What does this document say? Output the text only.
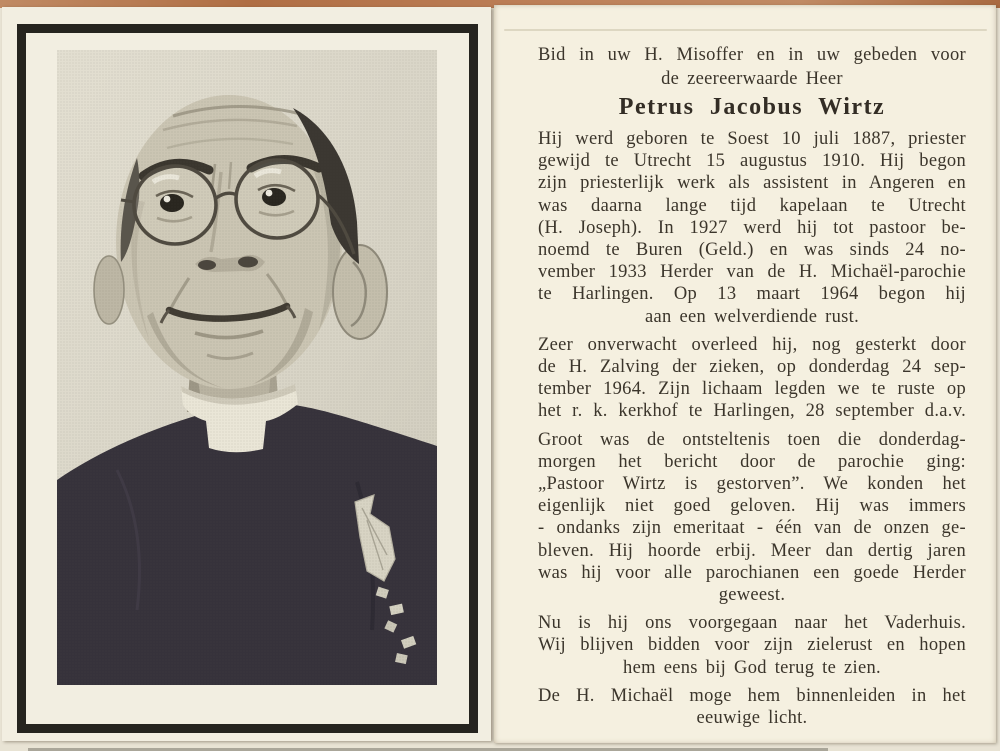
Bid in uw H. Misoffer en in uw gebeden voor
de zeereerwaarde Heer
Petrus Jacobus Wirtz
Hij werd geboren te Soest 10 juli 1887, priester
gewijd te Utrecht 15 augustus 1910. Hij begon
zijn priesterlijk werk als assistent in Angeren en
was daarna lange tijd kapelaan te Utrecht
(H. Joseph). In 1927 werd hij tot pastoor be-
noemd te Buren (Geld.) en was sinds 24 no-
vember 1933 Herder van de H. Michaël-parochie
te Harlingen. Op 13 maart 1964 begon hij
aan een welverdiende rust.
Zeer onverwacht overleed hij, nog gesterkt door
de H. Zalving der zieken, op donderdag 24 sep-
tember 1964. Zijn lichaam legden we te ruste op
het r. k. kerkhof te Harlingen, 28 september d.a.v.
Groot was de ontsteltenis toen die donderdag-
morgen het bericht door de parochie ging:
„Pastoor Wirtz is gestorven”. We konden het
eigenlijk niet goed geloven. Hij was immers
- ondanks zijn emeritaat - één van de onzen ge-
bleven. Hij hoorde erbij. Meer dan dertig jaren
was hij voor alle parochianen een goede Herder
geweest.
Nu is hij ons voorgegaan naar het Vaderhuis.
Wij blijven bidden voor zijn zielerust en hopen
hem eens bij God terug te zien.
De H. Michaël moge hem binnenleiden in het
eeuwige licht.
